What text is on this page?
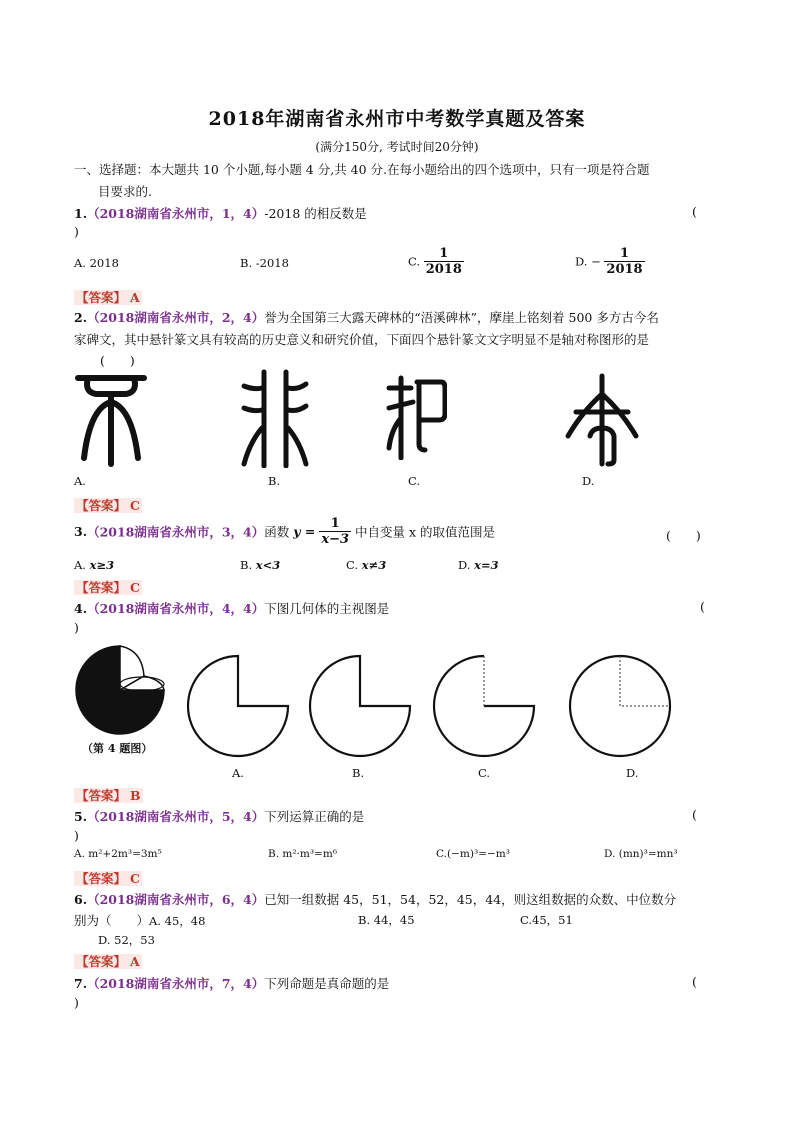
2018年湖南省永州市中考数学真题及答案
(满分150分, 考试时间20分钟)
一、选择题：本大题共 10 个小题,每小题 4 分,共 40 分.在每小题给出的四个选项中，只有一项是符合题
目要求的.
1.（2018湖南省永州市，1，4）-2018 的相反数是	(
)
A. 2018	B. -2018	C. $\frac{1}{2018}$	D. − $\frac{1}{2018}$
【答案】 A
2.（2018湖南省永州市，2，4）誉为全国第三大露天碑林的“浯溪碑林”，摩崖上铭刻着 500 多方古今名
家碑文，其中悬针篆文具有较高的历史意义和研究价值，下面四个悬针篆文文字明显不是轴对称图形的是
(　　)
A.	B.	C.	D.
【答案】 C
3.（2018湖南省永州市，3，4）函数 $y = \frac{1}{x-3}$ 中自变量 x 的取值范围是	(　　)
A. x≥3	B. x<3	C. x≠3	D. x=3
【答案】 C
4.（2018湖南省永州市，4，4）下图几何体的主视图是	(
)
（第 4 题图）
A.	B.	C.	D.
【答案】 B
5.（2018湖南省永州市，5，4）下列运算正确的是	(
)
A. m²+2m³=3m⁵	B. m²·m³=m⁶	C.(−m)³=−m³	D. (mn)³=mn³
【答案】 C
6.（2018湖南省永州市，6，4）已知一组数据 45，51，54，52，45，44，则这组数据的众数、中位数分
别为（　　）A. 45，48	B. 44，45	C.45，51
D. 52，53
【答案】 A
7.（2018湖南省永州市，7，4）下列命题是真命题的是	(
)
